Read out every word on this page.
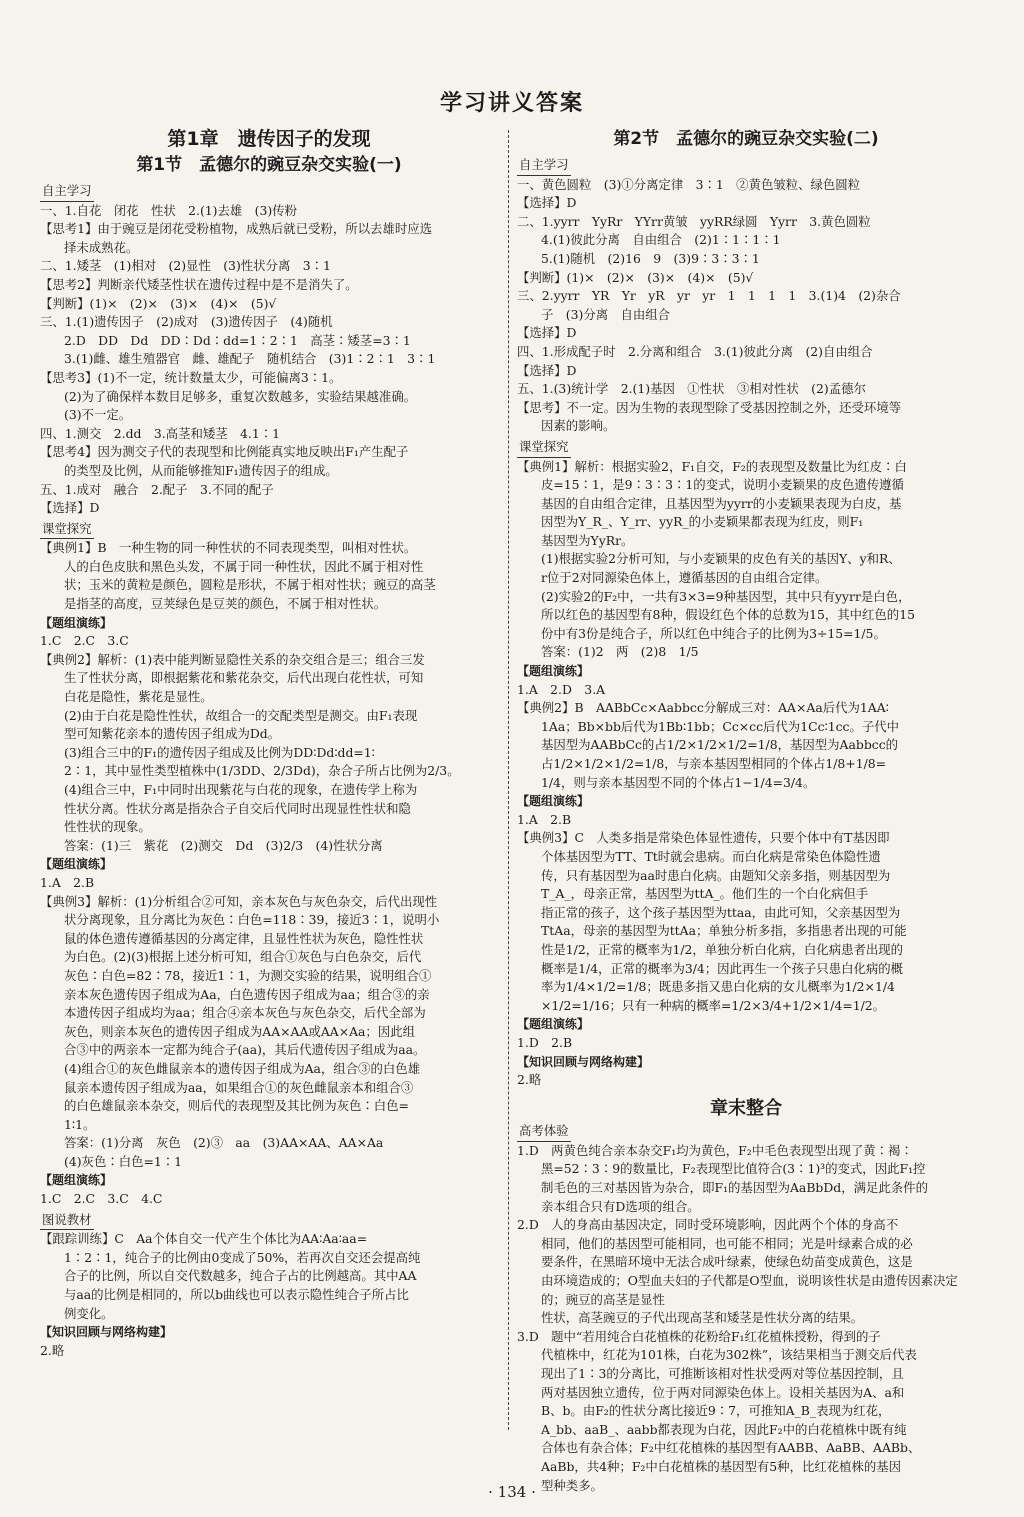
学习讲义答案
第1章　遗传因子的发现
第1节　孟德尔的豌豆杂交实验(一)
自主学习
一、1.自花　闭花　性状　2.(1)去雄　(3)传粉
【思考1】由于豌豆是闭花受粉植物，成熟后就已受粉，所以去雄时应选
择未成熟花。
二、1.矮茎　(1)相对　(2)显性　(3)性状分离　3∶1
【思考2】判断亲代矮茎性状在遗传过程中是不是消失了。
【判断】(1)×　(2)×　(3)×　(4)×　(5)√
三、1.(1)遗传因子　(2)成对　(3)遗传因子　(4)随机
2.D　DD　Dd　DD∶Dd∶dd=1∶2∶1　高茎∶矮茎=3∶1
3.(1)雌、雄生殖器官　雌、雄配子　随机结合　(3)1∶2∶1　3∶1
【思考3】(1)不一定，统计数量太少，可能偏离3∶1。
(2)为了确保样本数目足够多，重复次数越多，实验结果越准确。
(3)不一定。
四、1.测交　2.dd　3.高茎和矮茎　4.1∶1
【思考4】因为测交子代的表现型和比例能真实地反映出F₁产生配子
的类型及比例，从而能够推知F₁遗传因子的组成。
五、1.成对　融合　2.配子　3.不同的配子
【选择】D
课堂探究
【典例1】B　一种生物的同一种性状的不同表现类型，叫相对性状。
人的白色皮肤和黑色头发，不属于同一种性状，因此不属于相对性
状；玉米的黄粒是颜色，圆粒是形状，不属于相对性状；豌豆的高茎
是指茎的高度，豆荚绿色是豆荚的颜色，不属于相对性状。
【题组演练】
1.C　2.C　3.C
【典例2】解析：(1)表中能判断显隐性关系的杂交组合是三；组合三发
生了性状分离，即根据紫花和紫花杂交，后代出现白花性状，可知
白花是隐性，紫花是显性。
(2)由于白花是隐性性状，故组合一的交配类型是测交。由F₁表现
型可知紫花亲本的遗传因子组成为Dd。
(3)组合三中的F₁的遗传因子组成及比例为DD∶Dd∶dd=1∶
2∶1，其中显性类型植株中(1/3DD、2/3Dd)，杂合子所占比例为2/3。
(4)组合三中，F₁中同时出现紫花与白花的现象，在遗传学上称为
性状分离。性状分离是指杂合子自交后代同时出现显性性状和隐
性性状的现象。
答案：(1)三　紫花　(2)测交　Dd　(3)2/3　(4)性状分离
【题组演练】
1.A　2.B
【典例3】解析：(1)分析组合②可知，亲本灰色与灰色杂交，后代出现性
状分离现象，且分离比为灰色∶白色=118∶39，接近3∶1，说明小
鼠的体色遗传遵循基因的分离定律，且显性性状为灰色，隐性性状
为白色。(2)(3)根据上述分析可知，组合①灰色与白色杂交，后代
灰色∶白色=82∶78，接近1∶1，为测交实验的结果，说明组合①
亲本灰色遗传因子组成为Aa，白色遗传因子组成为aa；组合③的亲
本遗传因子组成均为aa；组合④亲本灰色与灰色杂交，后代全部为
灰色，则亲本灰色的遗传因子组成为AA×AA或AA×Aa；因此组
合③中的两亲本一定都为纯合子(aa)，其后代遗传因子组成为aa。
(4)组合①的灰色雌鼠亲本的遗传因子组成为Aa，组合③的白色雄
鼠亲本遗传因子组成为aa，如果组合①的灰色雌鼠亲本和组合③
的白色雄鼠亲本杂交，则后代的表现型及其比例为灰色∶白色=
1∶1。
答案：(1)分离　灰色　(2)③　aa　(3)AA×AA、AA×Aa
(4)灰色∶白色=1∶1
【题组演练】
1.C　2.C　3.C　4.C
图说教材
【跟踪训练】C　Aa个体自交一代产生个体比为AA∶Aa∶aa=
1∶2∶1，纯合子的比例由0变成了50%，若再次自交还会提高纯
合子的比例，所以自交代数越多，纯合子占的比例越高。其中AA
与aa的比例是相同的，所以b曲线也可以表示隐性纯合子所占比
例变化。
【知识回顾与网络构建】
2.略
第2节　孟德尔的豌豆杂交实验(二)
自主学习
一、黄色圆粒　(3)①分离定律　3∶1　②黄色皱粒、绿色圆粒
【选择】D
二、1.yyrr　YyRr　YYrr黄皱　yyRR绿圆　Yyrr　3.黄色圆粒
4.(1)彼此分离　自由组合　(2)1∶1∶1∶1
5.(1)随机　(2)16　9　(3)9∶3∶3∶1
【判断】(1)×　(2)×　(3)×　(4)×　(5)√
三、2.yyrr　YR　Yr　yR　yr　yr　1　1　1　1　3.(1)4　(2)杂合
子　(3)分离　自由组合
【选择】D
四、1.形成配子时　2.分离和组合　3.(1)彼此分离　(2)自由组合
【选择】D
五、1.(3)统计学　2.(1)基因　①性状　③相对性状　(2)孟德尔
【思考】不一定。因为生物的表现型除了受基因控制之外，还受环境等
因素的影响。
课堂探究
【典例1】解析：根据实验2，F₁自交，F₂的表现型及数量比为红皮∶白
皮=15∶1，是9∶3∶3∶1的变式，说明小麦颖果的皮色遗传遵循
基因的自由组合定律，且基因型为yyrr的小麦颖果表现为白皮，基
因型为Y_R_、Y_rr、yyR_的小麦颖果都表现为红皮，则F₁
基因型为YyRr。
(1)根据实验2分析可知，与小麦颖果的皮色有关的基因Y、y和R、
r位于2对同源染色体上，遵循基因的自由组合定律。
(2)实验2的F₂中，一共有3×3=9种基因型，其中只有yyrr是白色，
所以红色的基因型有8种，假设红色个体的总数为15，其中红色的15
份中有3份是纯合子，所以红色中纯合子的比例为3÷15=1/5。
答案：(1)2　两　(2)8　1/5
【题组演练】
1.A　2.D　3.A
【典例2】B　AABbCc×Aabbcc分解成三对：AA×Aa后代为1AA∶
1Aa；Bb×bb后代为1Bb∶1bb；Cc×cc后代为1Cc∶1cc。子代中
基因型为AABbCc的占1/2×1/2×1/2=1/8，基因型为Aabbcc的
占1/2×1/2×1/2=1/8，与亲本基因型相同的个体占1/8+1/8=
1/4，则与亲本基因型不同的个体占1−1/4=3/4。
【题组演练】
1.A　2.B
【典例3】C　人类多指是常染色体显性遗传，只要个体中有T基因即
个体基因型为TT、Tt时就会患病。而白化病是常染色体隐性遗
传，只有基因型为aa时患白化病。由题知父亲多指，则基因型为
T_A_，母亲正常，基因型为ttA_。他们生的一个白化病但手
指正常的孩子，这个孩子基因型为ttaa，由此可知，父亲基因型为
TtAa，母亲的基因型为ttAa；单独分析多指，多指患者出现的可能
性是1/2，正常的概率为1/2，单独分析白化病，白化病患者出现的
概率是1/4，正常的概率为3/4；因此再生一个孩子只患白化病的概
率为1/4×1/2=1/8；既患多指又患白化病的女儿概率为1/2×1/4
×1/2=1/16；只有一种病的概率=1/2×3/4+1/2×1/4=1/2。
【题组演练】
1.D　2.B
【知识回顾与网络构建】
2.略
章末整合
高考体验
1.D　两黄色纯合亲本杂交F₁均为黄色，F₂中毛色表现型出现了黄∶褐∶
黑=52∶3∶9的数量比，F₂表现型比值符合(3∶1)³的变式，因此F₁控
制毛色的三对基因皆为杂合，即F₁的基因型为AaBbDd，满足此条件的
亲本组合只有D选项的组合。
2.D　人的身高由基因决定，同时受环境影响，因此两个个体的身高不
相同，他们的基因型可能相同，也可能不相同；光是叶绿素合成的必
要条件，在黑暗环境中无法合成叶绿素，使绿色幼苗变成黄色，这是
由环境造成的；O型血夫妇的子代都是O型血，说明该性状是由遗传因素决定的；豌豆的高茎是显性
性状，高茎豌豆的子代出现高茎和矮茎是性状分离的结果。
3.D　题中“若用纯合白花植株的花粉给F₁红花植株授粉，得到的子
代植株中，红花为101株，白花为302株”，该结果相当于测交后代表
现出了1∶3的分离比，可推断该相对性状受两对等位基因控制，且
两对基因独立遗传，位于两对同源染色体上。设相关基因为A、a和
B、b。由F₂的性状分离比接近9∶7，可推知A_B_表现为红花，
A_bb、aaB_、aabb都表现为白花，因此F₂中的白花植株中既有纯
合体也有杂合体；F₂中红花植株的基因型有AABB、AaBB、AABb、
AaBb，共4种；F₂中白花植株的基因型有5种，比红花植株的基因
型种类多。
· 134 ·
